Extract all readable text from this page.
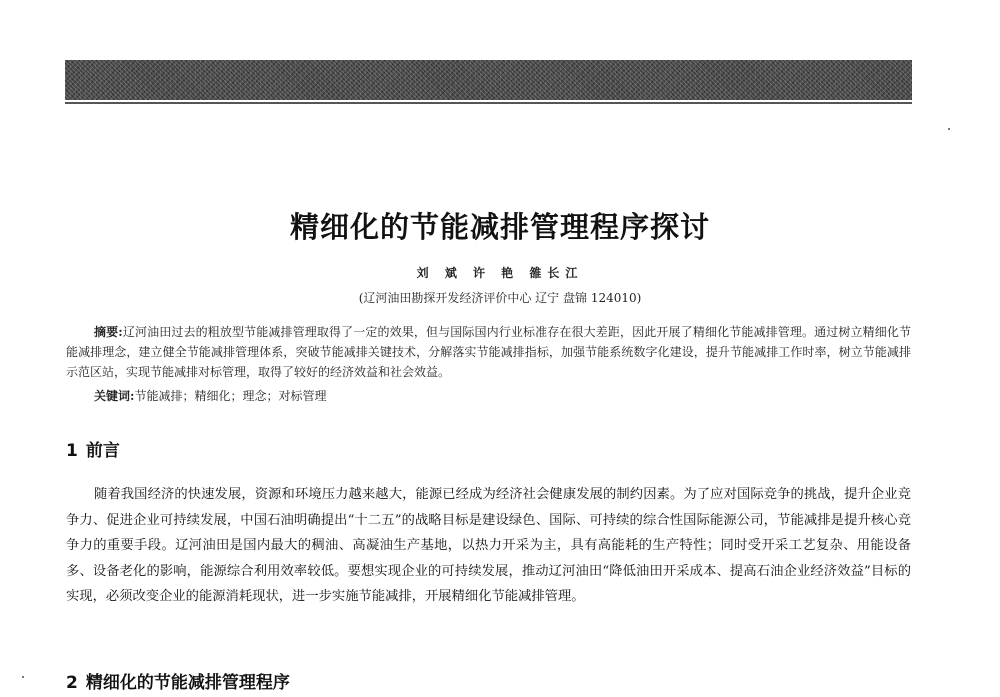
精细化的节能减排管理程序探讨
刘 斌 许 艳 雒长江
(辽河油田勘探开发经济评价中心 辽宁 盘锦 124010)

摘要:辽河油田过去的粗放型节能减排管理取得了一定的效果，但与国际国内行业标准存在很大差距，因此开展了精细化节能减排管理。通过树立精细化节能减排理念，建立健全节能减排管理体系，突破节能减排关键技术，分解落实节能减排指标，加强节能系统数字化建设，提升节能减排工作时率，树立节能减排示范区站，实现节能减排对标管理，取得了较好的经济效益和社会效益。

关键词:节能减排；精细化；理念；对标管理

1 前言

随着我国经济的快速发展，资源和环境压力越来越大，能源已经成为经济社会健康发展的制约因素。为了应对国际竞争的挑战，提升企业竞争力、促进企业可持续发展，中国石油明确提出“十二五”的战略目标是建设绿色、国际、可持续的综合性国际能源公司，节能减排是提升核心竞争力的重要手段。辽河油田是国内最大的稠油、高凝油生产基地，以热力开采为主，具有高能耗的生产特性；同时受开采工艺复杂、用能设备多、设备老化的影响，能源综合利用效率较低。要想实现企业的可持续发展，推动辽河油田“降低油田开采成本、提高石油企业经济效益”目标的实现，必须改变企业的能源消耗现状，进一步实施节能减排，开展精细化节能减排管理。

2 精细化的节能减排管理程序
